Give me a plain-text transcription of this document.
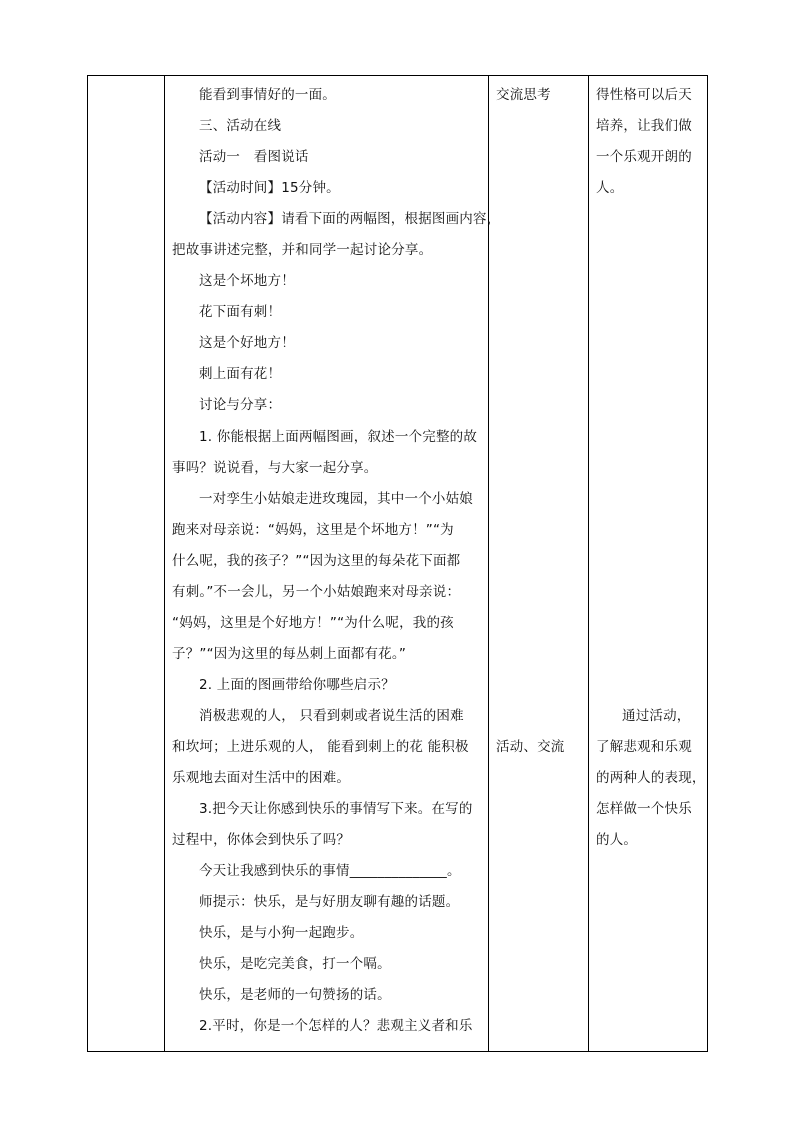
能看到事情好的一面。
三、活动在线
活动一　看图说话
【活动时间】15分钟。
【活动内容】请看下面的两幅图，根据图画内容，
把故事讲述完整，并和同学一起讨论分享。
这是个坏地方！
花下面有刺！
这是个好地方！
刺上面有花！
讨论与分享：
1. 你能根据上面两幅图画，叙述一个完整的故
事吗？说说看，与大家一起分享。
一对孪生小姑娘走进玫瑰园，其中一个小姑娘
跑来对母亲说：“妈妈，这里是个坏地方！”“为
什么呢，我的孩子？”“因为这里的每朵花下面都
有刺。”不一会儿，另一个小姑娘跑来对母亲说：
“妈妈，这里是个好地方！”“为什么呢，我的孩
子？”“因为这里的每丛刺上面都有花。”
2. 上面的图画带给你哪些启示？
消极悲观的人， 只看到刺或者说生活的困难
和坎坷；上进乐观的人， 能看到刺上的花 能积极
乐观地去面对生活中的困难。
3.把今天让你感到快乐的事情写下来。在写的
过程中，你体会到快乐了吗？
今天让我感到快乐的事情______________。
师提示：快乐，是与好朋友聊有趣的话题。
快乐，是与小狗一起跑步。
快乐，是吃完美食，打一个嗝。
快乐，是老师的一句赞扬的话。
2.平时，你是一个怎样的人？悲观主义者和乐
交流思考
活动、交流
得性格可以后天
培养，让我们做
一个乐观开朗的
人。
通过活动，
了解悲观和乐观
的两种人的表现，
怎样做一个快乐
的人。
